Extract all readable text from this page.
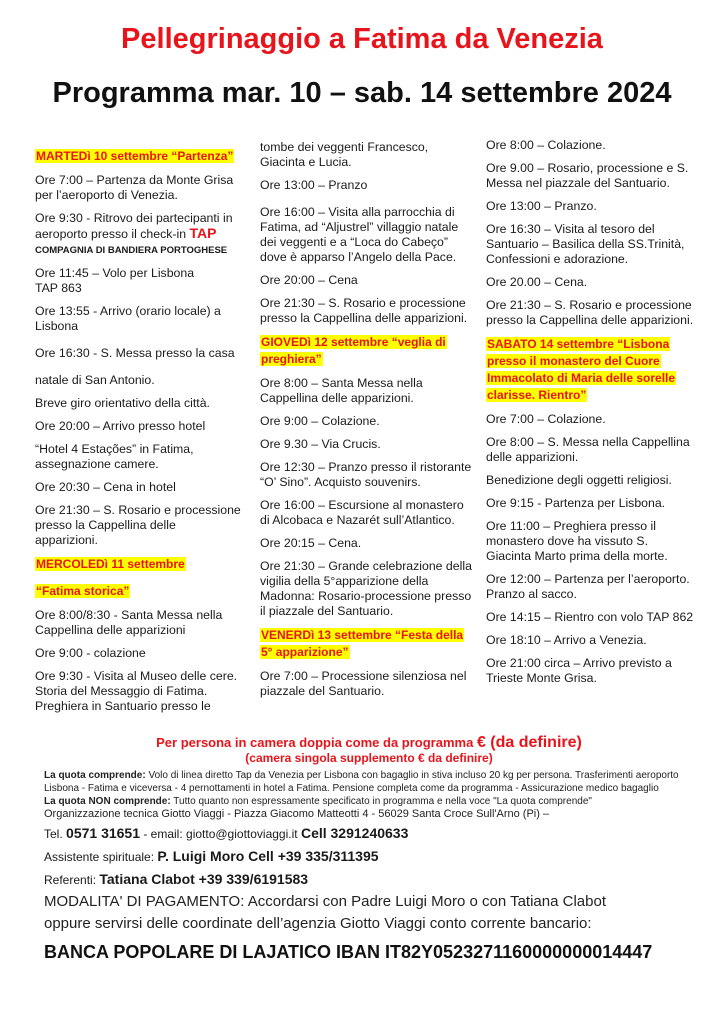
Pellegrinaggio a Fatima da Venezia
Programma mar. 10 – sab. 14 settembre 2024

MARTEDì 10 settembre “Partenza”

Ore 7:00 – Partenza da Monte Grisa per l’aeroporto di Venezia.

Ore 9:30 - Ritrovo dei partecipanti in aeroporto presso il check-in TAP
COMPAGNIA DI BANDIERA PORTOGHESE

Ore 11:45 – Volo per Lisbona
TAP 863

Ore 13:55 - Arrivo (orario locale) a Lisbona

Ore 16:30 - S. Messa presso la casa

natale di San Antonio.

Breve giro orientativo della città.

Ore 20:00 – Arrivo presso hotel

“Hotel 4 Estações” in Fatima, assegnazione camere.

Ore 20:30 – Cena in hotel

Ore 21:30 – S. Rosario e processione presso la Cappellina delle apparizioni.

MERCOLEDì 11 settembre

“Fatima storica”

Ore 8:00/8:30 - Santa Messa nella Cappellina delle apparizioni

Ore 9:00 - colazione

Ore 9:30 - Visita al Museo delle cere. Storia del Messaggio di Fatima. Preghiera in Santuario presso le

tombe dei veggenti Francesco, Giacinta e Lucia.

Ore 13:00 – Pranzo

Ore 16:00 – Visita alla parrocchia di Fatima, ad “Aljustrel” villaggio natale dei veggenti e a “Loca do Cabeço” dove è apparso l’Angelo della Pace.

Ore 20:00 – Cena

Ore 21:30 – S. Rosario e processione presso la Cappellina delle apparizioni.

GIOVEDì 12 settembre “veglia di preghiera”

Ore 8:00 – Santa Messa nella Cappellina delle apparizioni.

Ore 9:00 – Colazione.

Ore 9.30 – Via Crucis.

Ore 12:30 – Pranzo presso il ristorante “O’ Sino”. Acquisto souvenirs.

Ore 16:00 – Escursione al monastero di Alcobaca e Nazarét sull’Atlantico.

Ore 20:15 – Cena.

Ore 21:30 – Grande celebrazione della vigilia della 5°apparizione della Madonna: Rosario-processione presso il piazzale del Santuario.

VENERDì 13 settembre “Festa della 5° apparizione”

Ore 7:00 – Processione silenziosa nel piazzale del Santuario.

Ore 8:00 – Colazione.

Ore 9.00 – Rosario, processione e S. Messa nel piazzale del Santuario.

Ore 13:00 – Pranzo.

Ore 16:30 – Visita al tesoro del Santuario – Basilica della SS.Trinità, Confessioni e adorazione.

Ore 20.00 – Cena.

Ore 21:30 – S. Rosario e processione presso la Cappellina delle apparizioni.

SABATO 14 settembre “Lisbona presso il monastero del Cuore Immacolato di Maria delle sorelle clarisse. Rientro”

Ore 7:00 – Colazione.

Ore 8:00 – S. Messa nella Cappellina delle apparizioni.

Benedizione degli oggetti religiosi.

Ore 9:15 - Partenza per Lisbona.

Ore 11:00 – Preghiera presso il monastero dove ha vissuto S. Giacinta Marto prima della morte.

Ore 12:00 – Partenza per l’aeroporto. Pranzo al sacco.

Ore 14:15 – Rientro con volo TAP 862

Ore 18:10 – Arrivo a Venezia.

Ore 21:00 circa – Arrivo previsto a Trieste Monte Grisa.

Per persona in camera doppia come da programma € (da definire)
(camera singola supplemento € da definire)
La quota comprende: Volo di linea diretto Tap da Venezia per Lisbona con bagaglio in stiva incluso 20 kg per persona. Trasferimenti aeroporto Lisbona - Fatima e viceversa - 4 pernottamenti in hotel a Fatima. Pensione completa come da programma - Assicurazione medico bagaglio
La quota NON comprende: Tutto quanto non espressamente specificato in programma e nella voce "La quota comprende"
Organizzazione tecnica Giotto Viaggi - Piazza Giacomo Matteotti 4 - 56029 Santa Croce Sull'Arno (Pi) –
Tel. 0571 31651 - email: giotto@giottoviaggi.it Cell 3291240633
Assistente spirituale: P. Luigi Moro Cell +39 335/311395
Referenti: Tatiana Clabot +39 339/6191583
MODALITA' DI PAGAMENTO: Accordarsi con Padre Luigi Moro o con Tatiana Clabot
oppure servirsi delle coordinate dell’agenzia Giotto Viaggi conto corrente bancario:
BANCA POPOLARE DI LAJATICO IBAN IT82Y0523271160000000014447
